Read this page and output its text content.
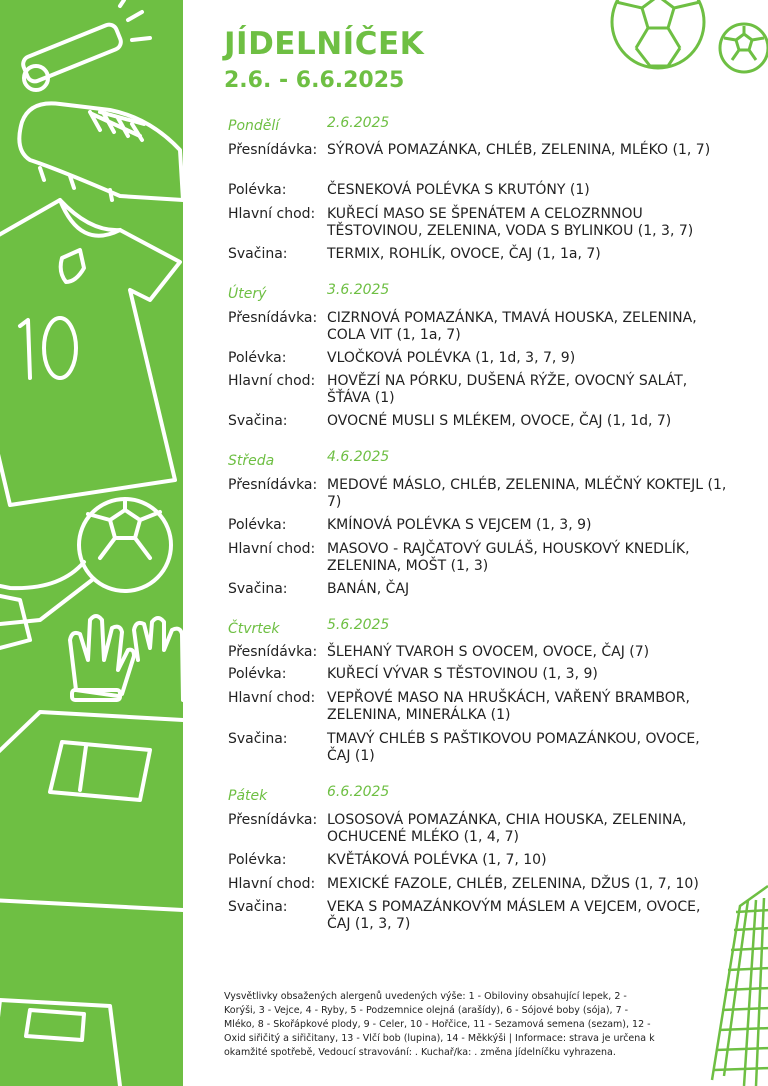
JÍDELNÍČEK
2.6. - 6.6.2025
Pondělí	2.6.2025
Přesnídávka: SÝROVÁ POMAZÁNKA, CHLÉB, ZELENINA, MLÉKO (1, 7)
Polévka:	ČESNEKOVÁ POLÉVKA S KRUTÓNY (1)
Hlavní chod: KUŘECÍ MASO SE ŠPENÁTEM A CELOZRNNOU TĚSTOVINOU, ZELENINA, VODA S BYLINKOU (1, 3, 7)
Svačina:	TERMIX, ROHLÍK, OVOCE, ČAJ (1, 1a, 7)
Úterý	3.6.2025
Přesnídávka: CIZRNOVÁ POMAZÁNKA, TMAVÁ HOUSKA, ZELENINA, COLA VIT (1, 1a, 7)
Polévka:	VLOČKOVÁ POLÉVKA (1, 1d, 3, 7, 9)
Hlavní chod: HOVĚZÍ NA PÓRKU, DUŠENÁ RÝŽE, OVOCNÝ SALÁT, ŠŤÁVA (1)
Svačina:	OVOCNÉ MUSLI S MLÉKEM, OVOCE, ČAJ (1, 1d, 7)
Středa	4.6.2025
Přesnídávka: MEDOVÉ MÁSLO, CHLÉB, ZELENINA, MLÉČNÝ KOKTEJL (1, 7)
Polévka:	KMÍNOVÁ POLÉVKA S VEJCEM (1, 3, 9)
Hlavní chod: MASOVO - RAJČATOVÝ GULÁŠ, HOUSKOVÝ KNEDLÍK, ZELENINA, MOŠT (1, 3)
Svačina:	BANÁN, ČAJ
Čtvrtek	5.6.2025
Přesnídávka: ŠLEHANÝ TVAROH S OVOCEM, OVOCE, ČAJ (7)
Polévka:	KUŘECÍ VÝVAR S TĚSTOVINOU (1, 3, 9)
Hlavní chod: VEPŘOVÉ MASO NA HRUŠKÁCH, VAŘENÝ BRAMBOR, ZELENINA, MINERÁLKA (1)
Svačina:	TMAVÝ CHLÉB S PAŠTIKOVOU POMAZÁNKOU, OVOCE, ČAJ (1)
Pátek	6.6.2025
Přesnídávka: LOSOSOVÁ POMAZÁNKA, CHIA HOUSKA, ZELENINA, OCHUCENÉ MLÉKO (1, 4, 7)
Polévka:	KVĚTÁKOVÁ POLÉVKA (1, 7, 10)
Hlavní chod: MEXICKÉ FAZOLE, CHLÉB, ZELENINA, DŽUS (1, 7, 10)
Svačina:	VEKA S POMAZÁNKOVÝM MÁSLEM A VEJCEM, OVOCE, ČAJ (1, 3, 7)

Vysvětlivky obsažených alergenů uvedených výše: 1 - Obiloviny obsahující lepek, 2 - Korýši, 3 - Vejce, 4 - Ryby, 5 - Podzemnice olejná (arašídy), 6 - Sójové boby (sója), 7 - Mléko, 8 - Skořápkové plody, 9 - Celer, 10 - Hořčice, 11 - Sezamová semena (sezam), 12 - Oxid siřičitý a siřičitany, 13 - Vlčí bob (lupina), 14 - Měkkýši | Informace: strava je určena k okamžité spotřebě, Vedoucí stravování: . Kuchař/ka: . změna jídelníčku vyhrazena.
